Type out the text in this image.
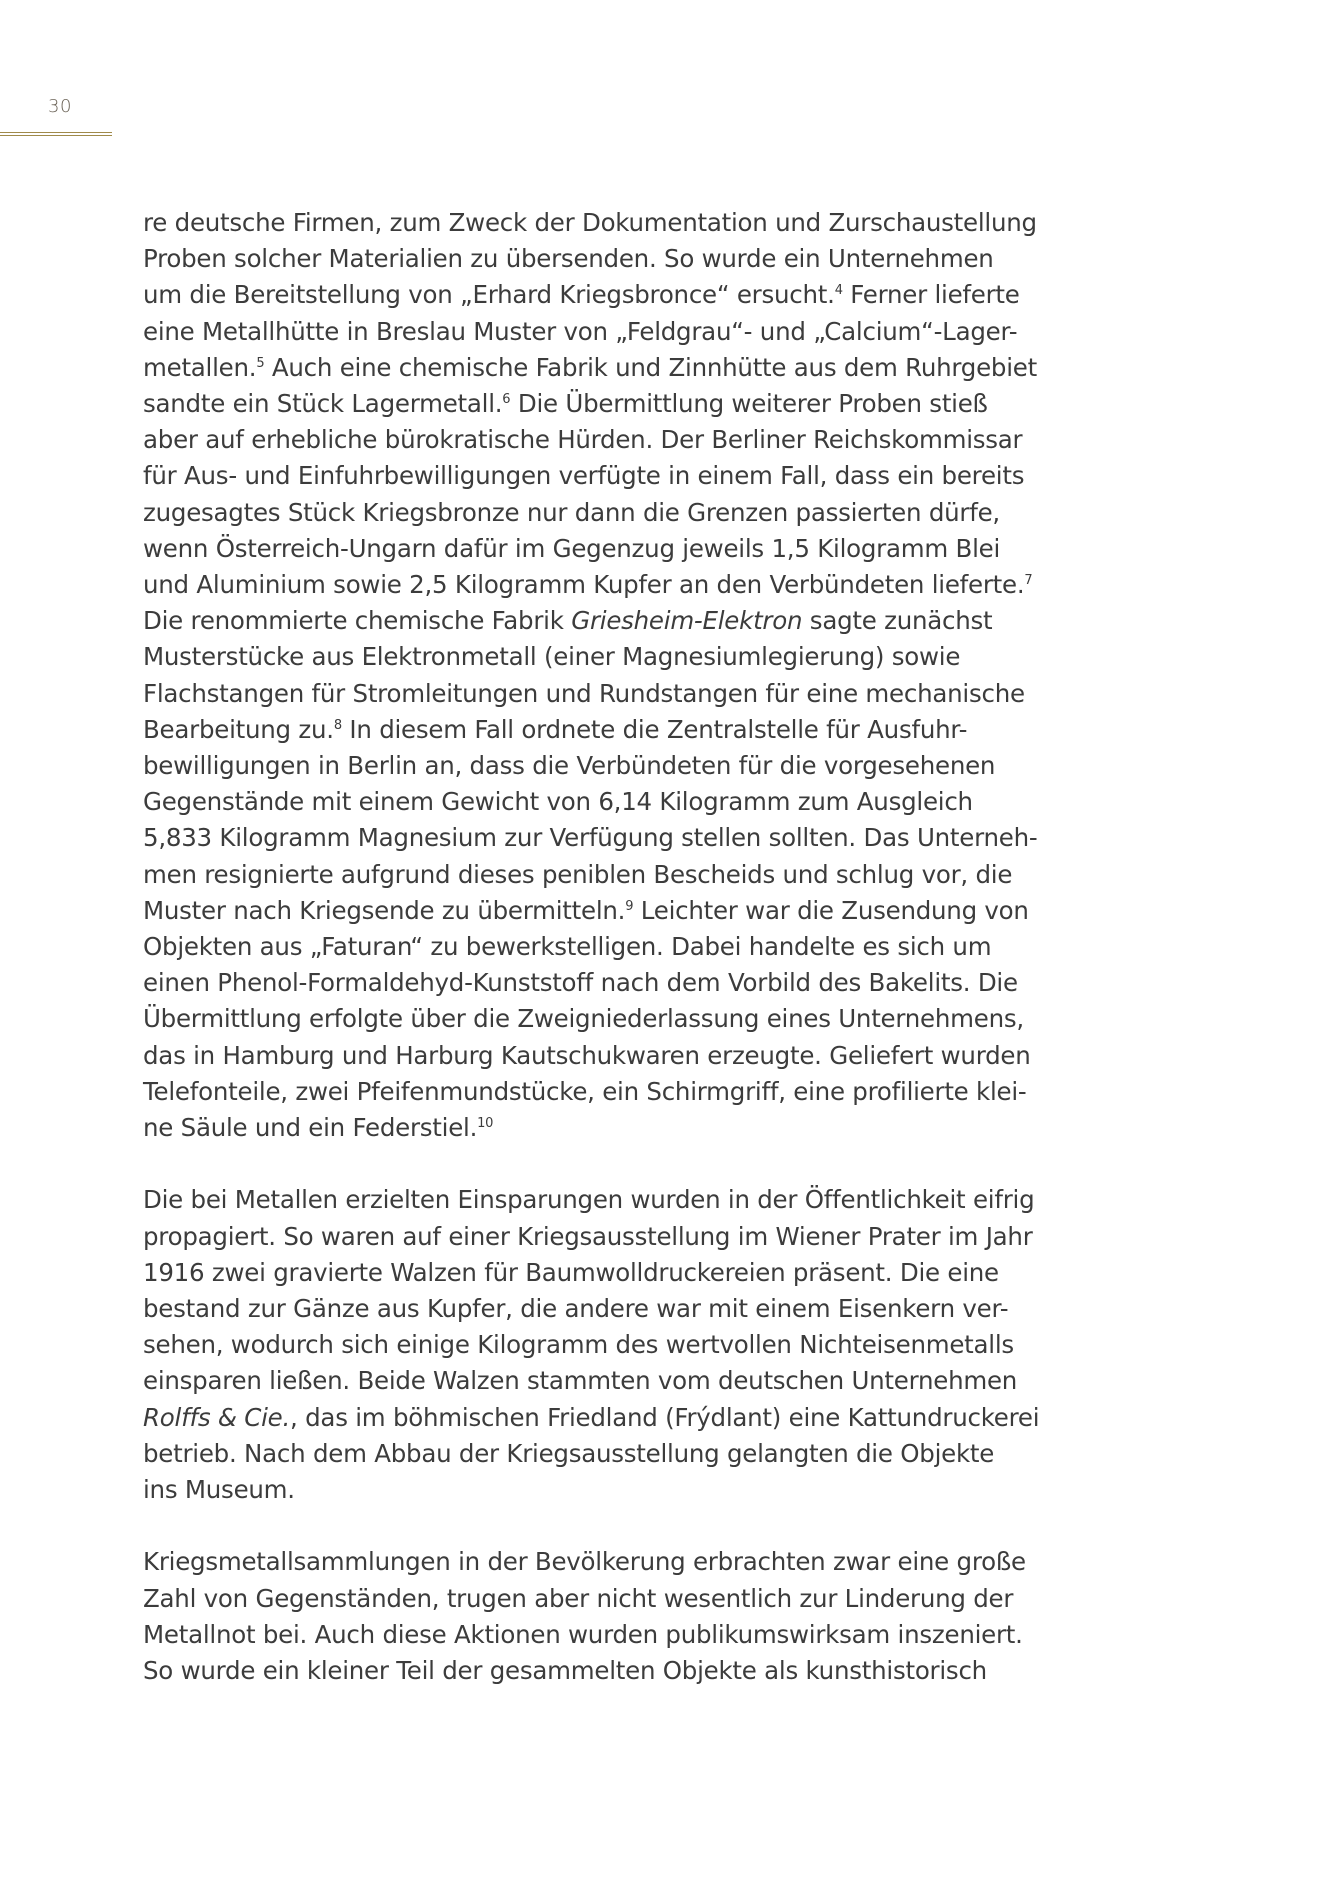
30

re deutsche Firmen, zum Zweck der Dokumentation und Zurschaustellung
Proben solcher Materialien zu übersenden. So wurde ein Unternehmen
um die Bereitstellung von „Erhard Kriegsbronce“ ersucht.$^4$ Ferner lieferte
eine Metallhütte in Breslau Muster von „Feldgrau“- und „Calcium“-Lager-
metallen.$^5$ Auch eine chemische Fabrik und Zinnhütte aus dem Ruhrgebiet
sandte ein Stück Lagermetall.$^6$ Die Übermittlung weiterer Proben stieß
aber auf erhebliche bürokratische Hürden. Der Berliner Reichskommissar
für Aus- und Einfuhrbewilligungen verfügte in einem Fall, dass ein bereits
zugesagtes Stück Kriegsbronze nur dann die Grenzen passierten dürfe,
wenn Österreich-Ungarn dafür im Gegenzug jeweils 1,5 Kilogramm Blei
und Aluminium sowie 2,5 Kilogramm Kupfer an den Verbündeten lieferte.$^7$
Die renommierte chemische Fabrik Griesheim-Elektron sagte zunächst
Musterstücke aus Elektronmetall (einer Magnesiumlegierung) sowie
Flachstangen für Stromleitungen und Rundstangen für eine mechanische
Bearbeitung zu.$^8$ In diesem Fall ordnete die Zentralstelle für Ausfuhr-
bewilligungen in Berlin an, dass die Verbündeten für die vorgesehenen
Gegenstände mit einem Gewicht von 6,14 Kilogramm zum Ausgleich
5,833 Kilogramm Magnesium zur Verfügung stellen sollten. Das Unterneh-
men resignierte aufgrund dieses peniblen Bescheids und schlug vor, die
Muster nach Kriegsende zu übermitteln.$^9$ Leichter war die Zusendung von
Objekten aus „Faturan“ zu bewerkstelligen. Dabei handelte es sich um
einen Phenol-Formaldehyd-Kunststoff nach dem Vorbild des Bakelits. Die
Übermittlung erfolgte über die Zweigniederlassung eines Unternehmens,
das in Hamburg und Harburg Kautschukwaren erzeugte. Geliefert wurden
Telefonteile, zwei Pfeifenmundstücke, ein Schirmgriff, eine profilierte klei-
ne Säule und ein Federstiel.$^{10}$

Die bei Metallen erzielten Einsparungen wurden in der Öffentlichkeit eifrig
propagiert. So waren auf einer Kriegsausstellung im Wiener Prater im Jahr
1916 zwei gravierte Walzen für Baumwolldruckereien präsent. Die eine
bestand zur Gänze aus Kupfer, die andere war mit einem Eisenkern ver-
sehen, wodurch sich einige Kilogramm des wertvollen Nichteisenmetalls
einsparen ließen. Beide Walzen stammten vom deutschen Unternehmen
Rolffs & Cie., das im böhmischen Friedland (Frýdlant) eine Kattundruckerei
betrieb. Nach dem Abbau der Kriegsausstellung gelangten die Objekte
ins Museum.

Kriegsmetallsammlungen in der Bevölkerung erbrachten zwar eine große
Zahl von Gegenständen, trugen aber nicht wesentlich zur Linderung der
Metallnot bei. Auch diese Aktionen wurden publikumswirksam inszeniert.
So wurde ein kleiner Teil der gesammelten Objekte als kunsthistorisch
